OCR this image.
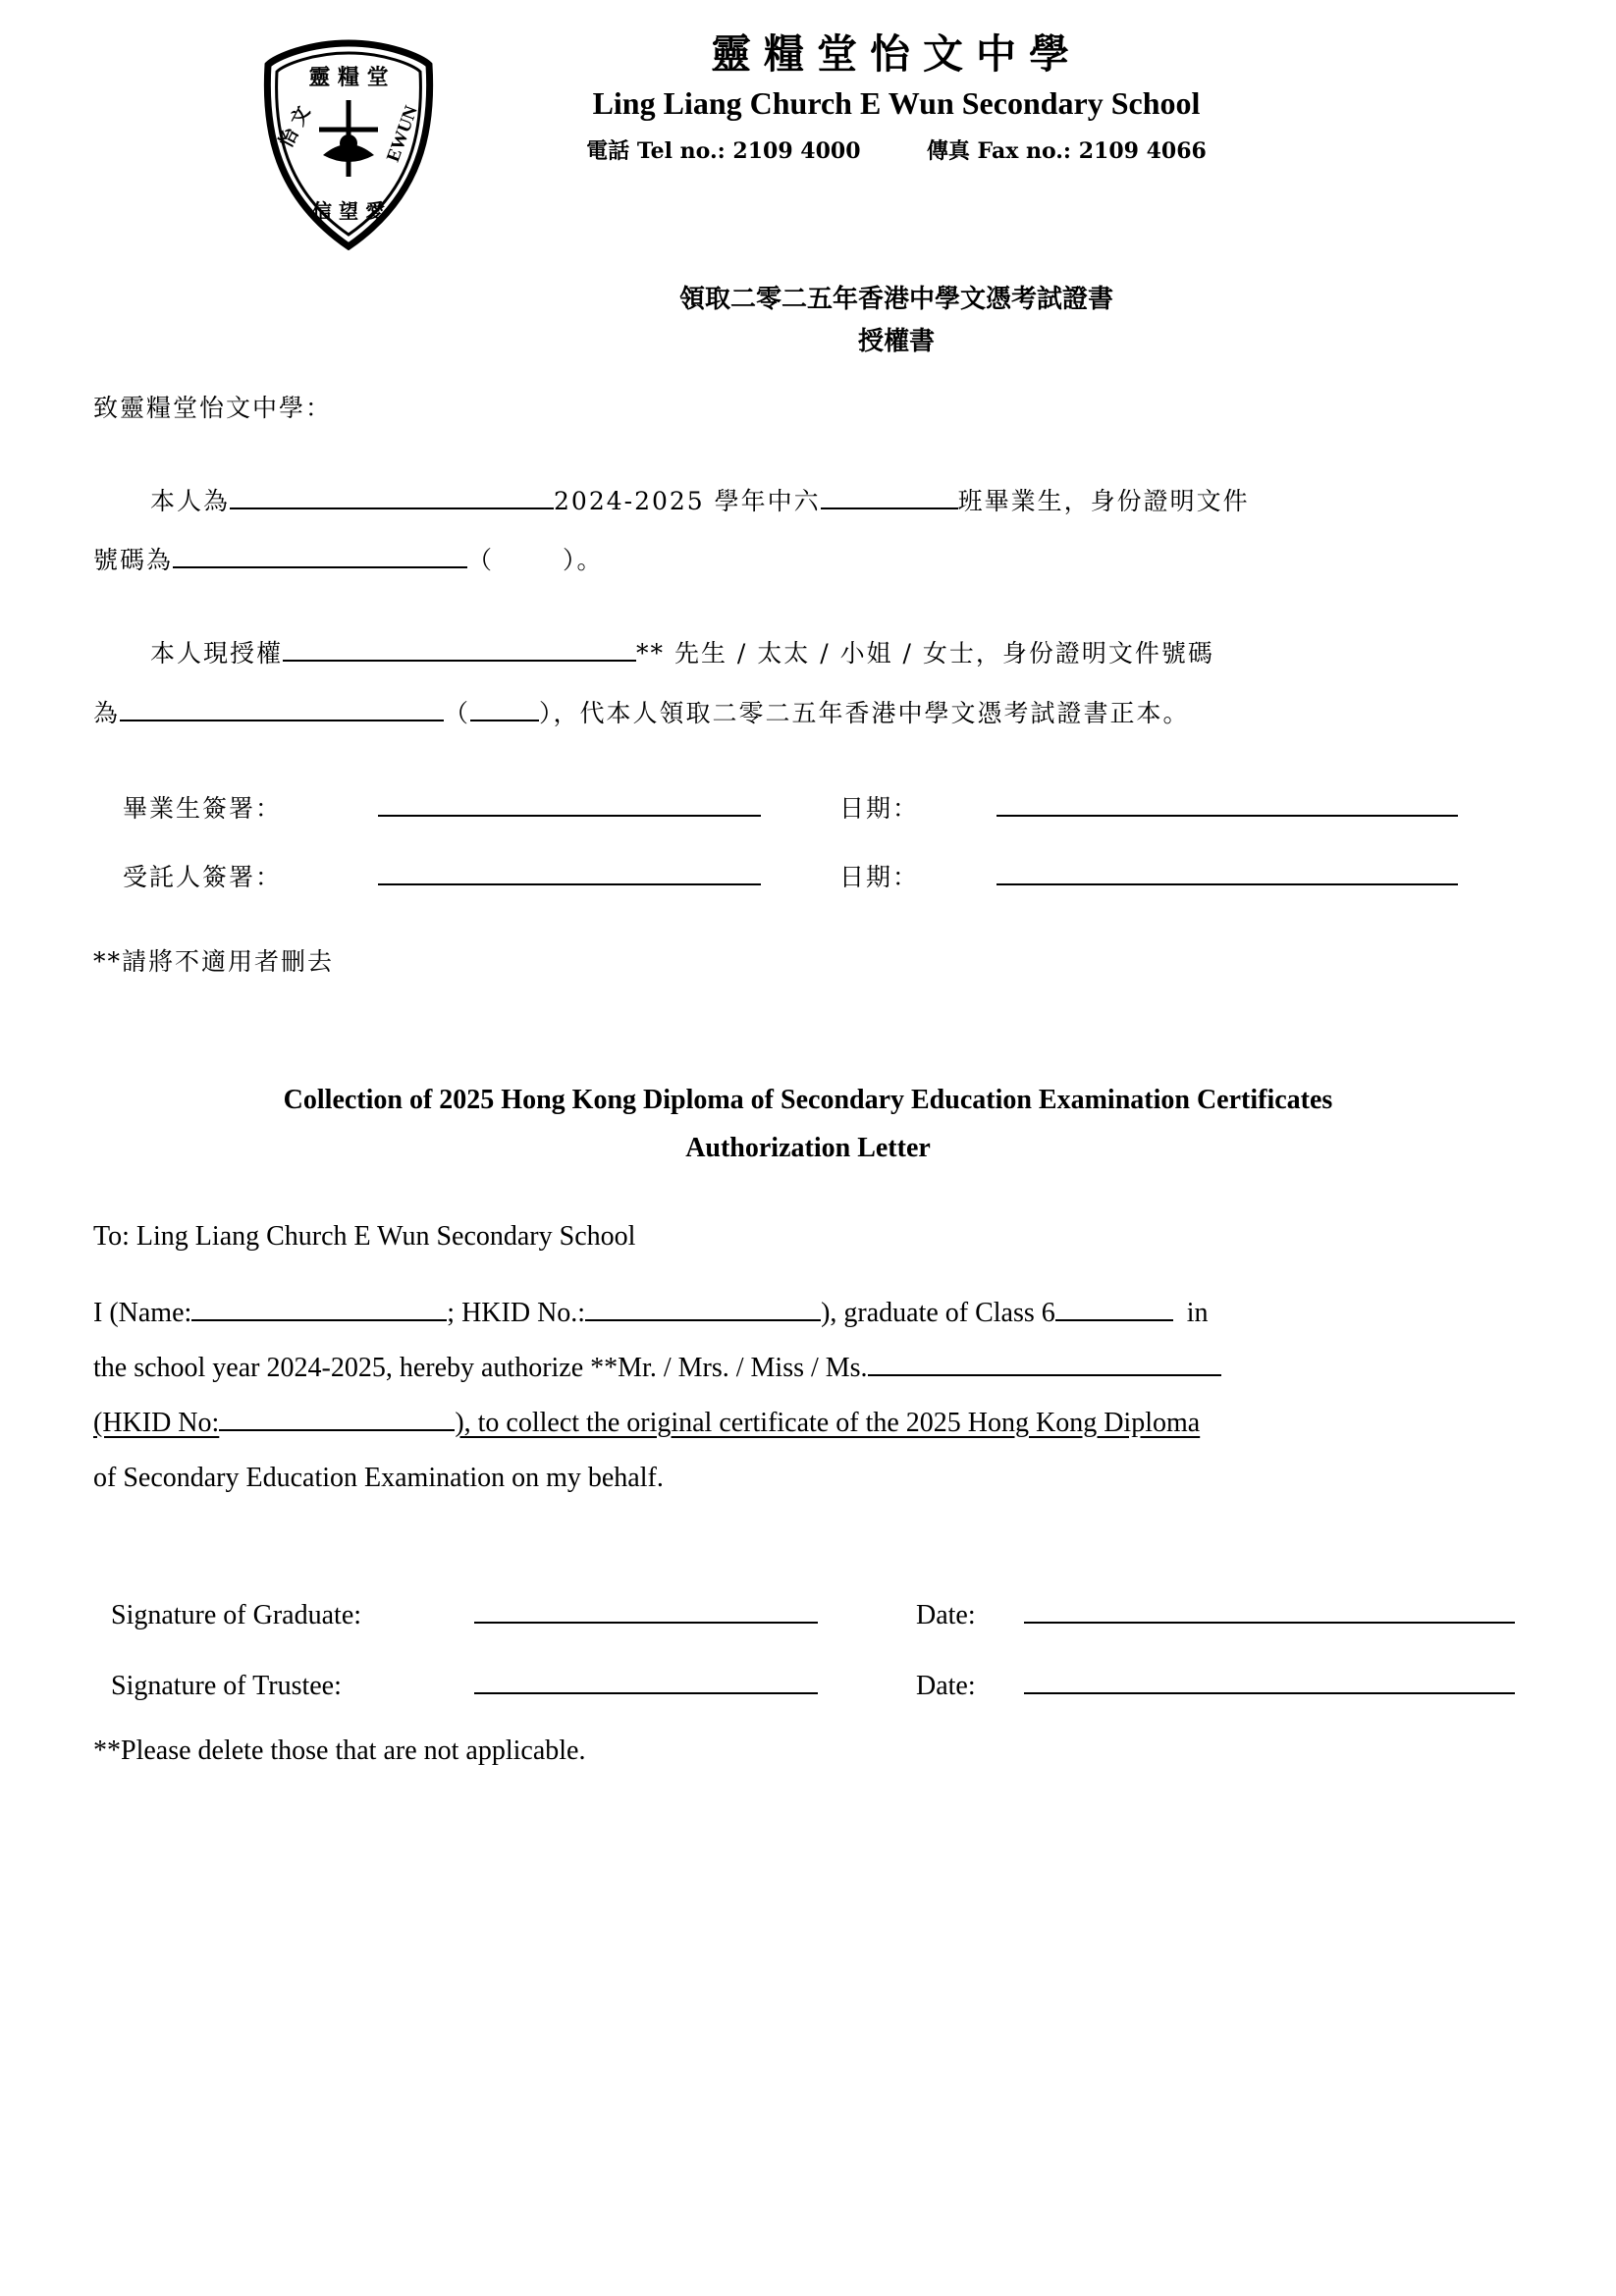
靈 糧 堂
怡 文	EWUN
信 望 愛
靈糧堂怡文中學
Ling Liang Church E Wun Secondary School
電話 Tel no.: 2109 4000	傳真 Fax no.: 2109 4066
領取二零二五年香港中學文憑考試證書
授權書
致靈糧堂怡文中學：
本人為	2024-2025 學年中六	班畢業生，身份證明文件
號碼為	（	）。
本人現授權	** 先生 / 太太 / 小姐 / 女士，身份證明文件號碼
為	（	），代本人領取二零二五年香港中學文憑考試證書正本。
畢業生簽署：	日期：
受託人簽署：	日期：
**請將不適用者刪去
Collection of 2025 Hong Kong Diploma of Secondary Education Examination Certificates
Authorization Letter
To: Ling Liang Church E Wun Secondary School
I (Name:	; HKID No.:	), graduate of Class 6	in
the school year 2024-2025, hereby authorize **Mr. / Mrs. / Miss / Ms.
(HKID No:	), to collect the original certificate of the 2025 Hong Kong Diploma
of Secondary Education Examination on my behalf.
Signature of Graduate:	Date:
Signature of Trustee:	Date:
**Please delete those that are not applicable.
